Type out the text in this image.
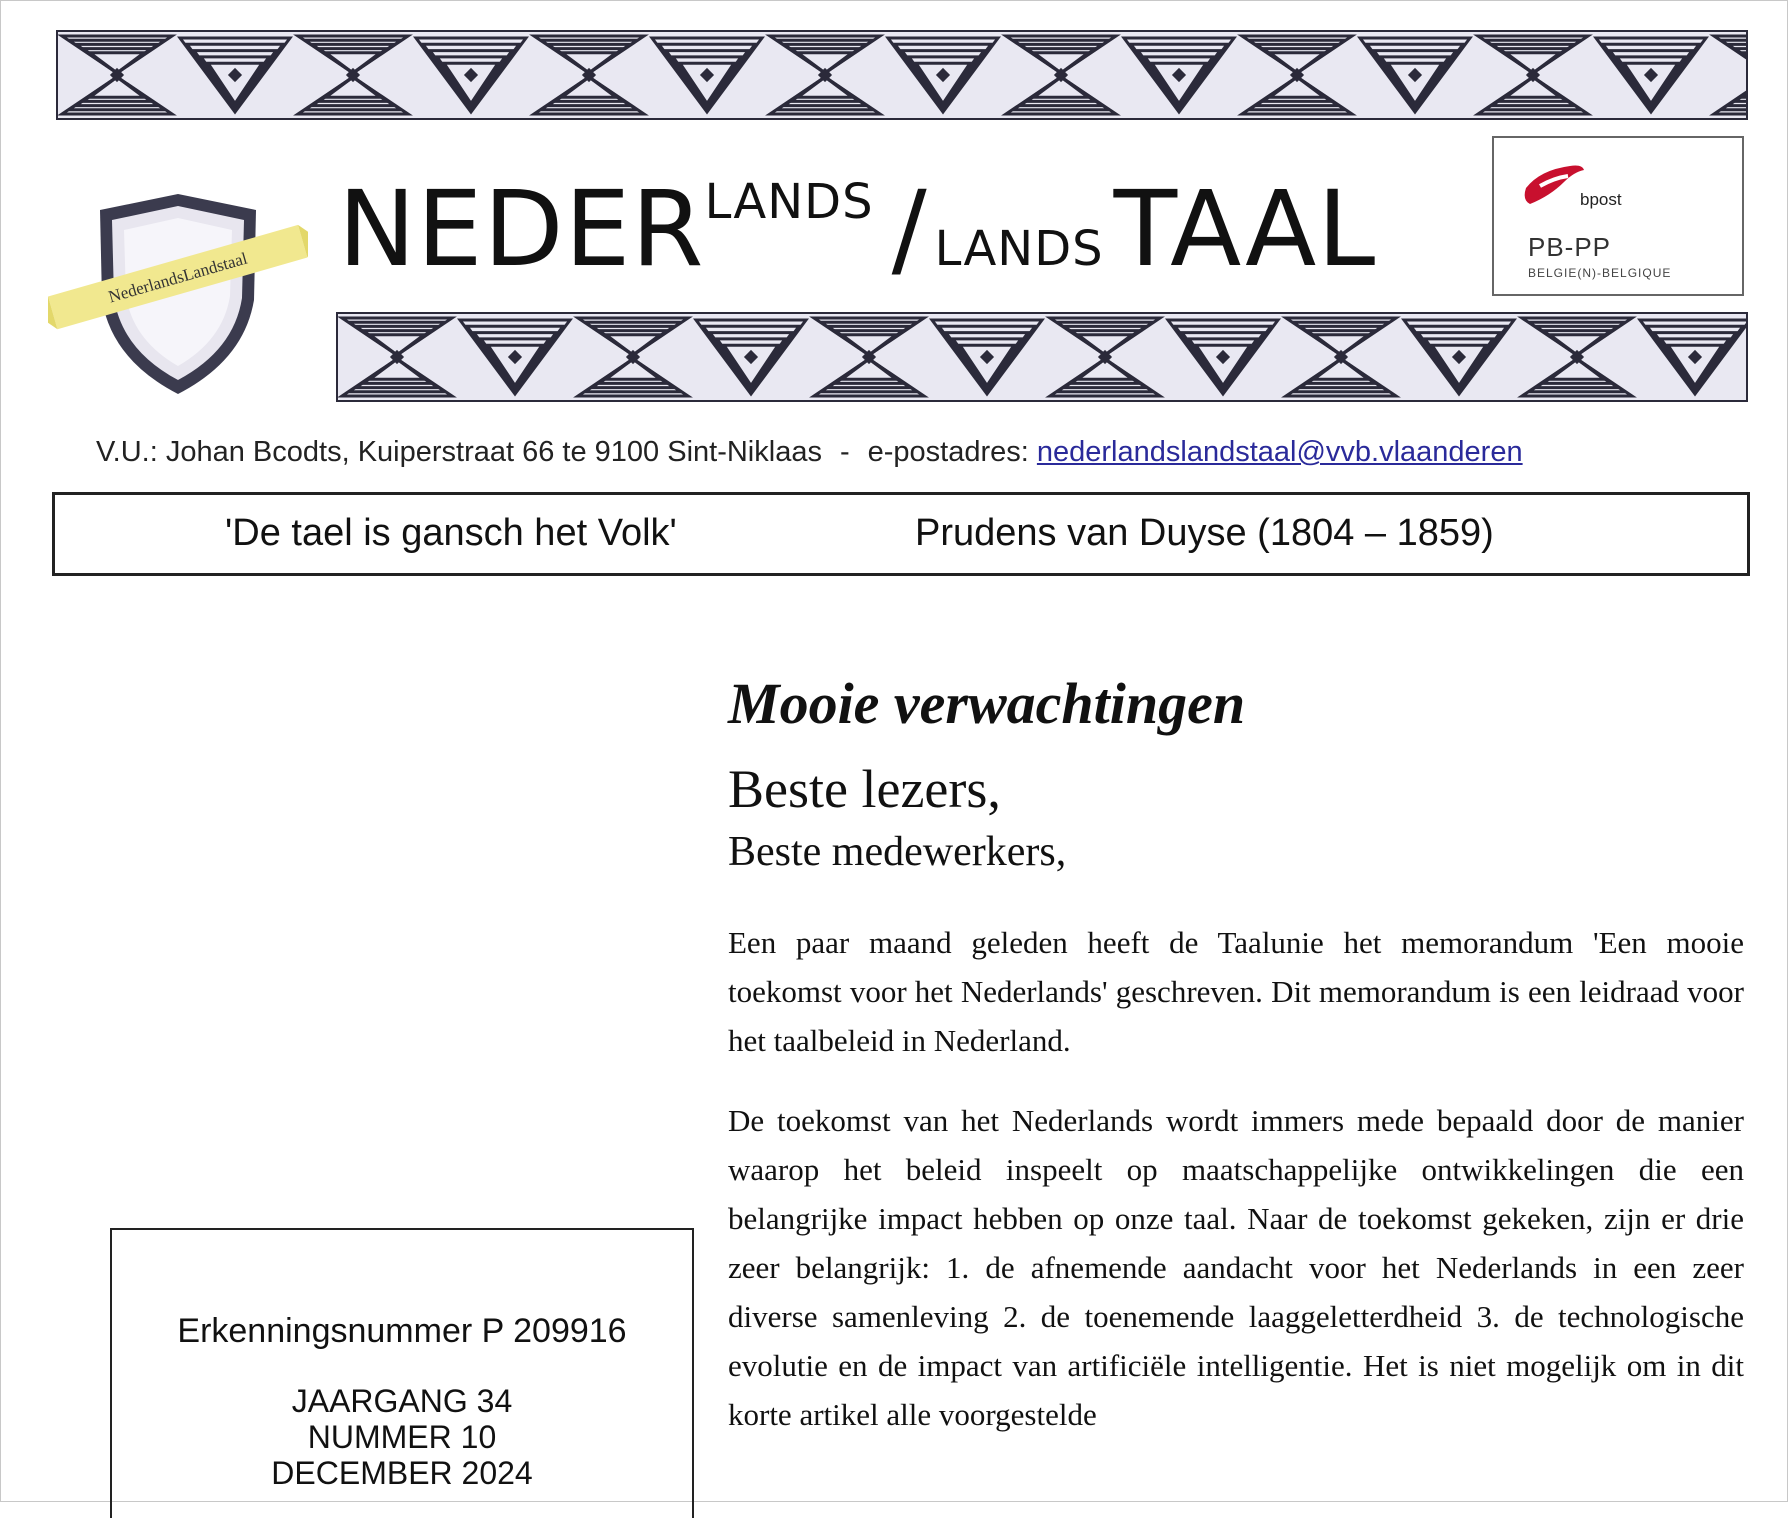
NederlandsLandstaal NEDERLANDS / LANDSTAAL	bpost
PB-PP
BELGIE(N)-BELGIQUE
V.U.: Johan Bcodts, Kuiperstraat 66 te 9100 Sint-Niklaas - e-postadres: nederlandslandstaal@vvb.vlaanderen
'De tael is gansch het Volk'	Prudens van Duyse (1804 – 1859)
Mooie verwachtingen
Beste lezers,
Beste medewerkers,

Een paar maand geleden heeft de Taalunie het memorandum 'Een mooie toekomst voor het Nederlands' geschreven. Dit memorandum is een leidraad voor het taalbeleid in Nederland.

De toekomst van het Nederlands wordt immers mede bepaald door de manier waarop het beleid inspeelt op maatschappelijke ontwikkelingen die een belangrijke impact hebben op onze taal. Naar de toekomst gekeken, zijn er drie zeer belangrijk: 1. de afnemende aandacht voor het Nederlands in een zeer diverse samenleving 2. de toenemende laaggeletterdheid 3. de technologische evolutie en de impact van artificiële intelligentie. Het is niet mogelijk om in dit korte artikel alle voorgestelde

Erkenningsnummer P 209916
JAARGANG 34
NUMMER 10
DECEMBER 2024
